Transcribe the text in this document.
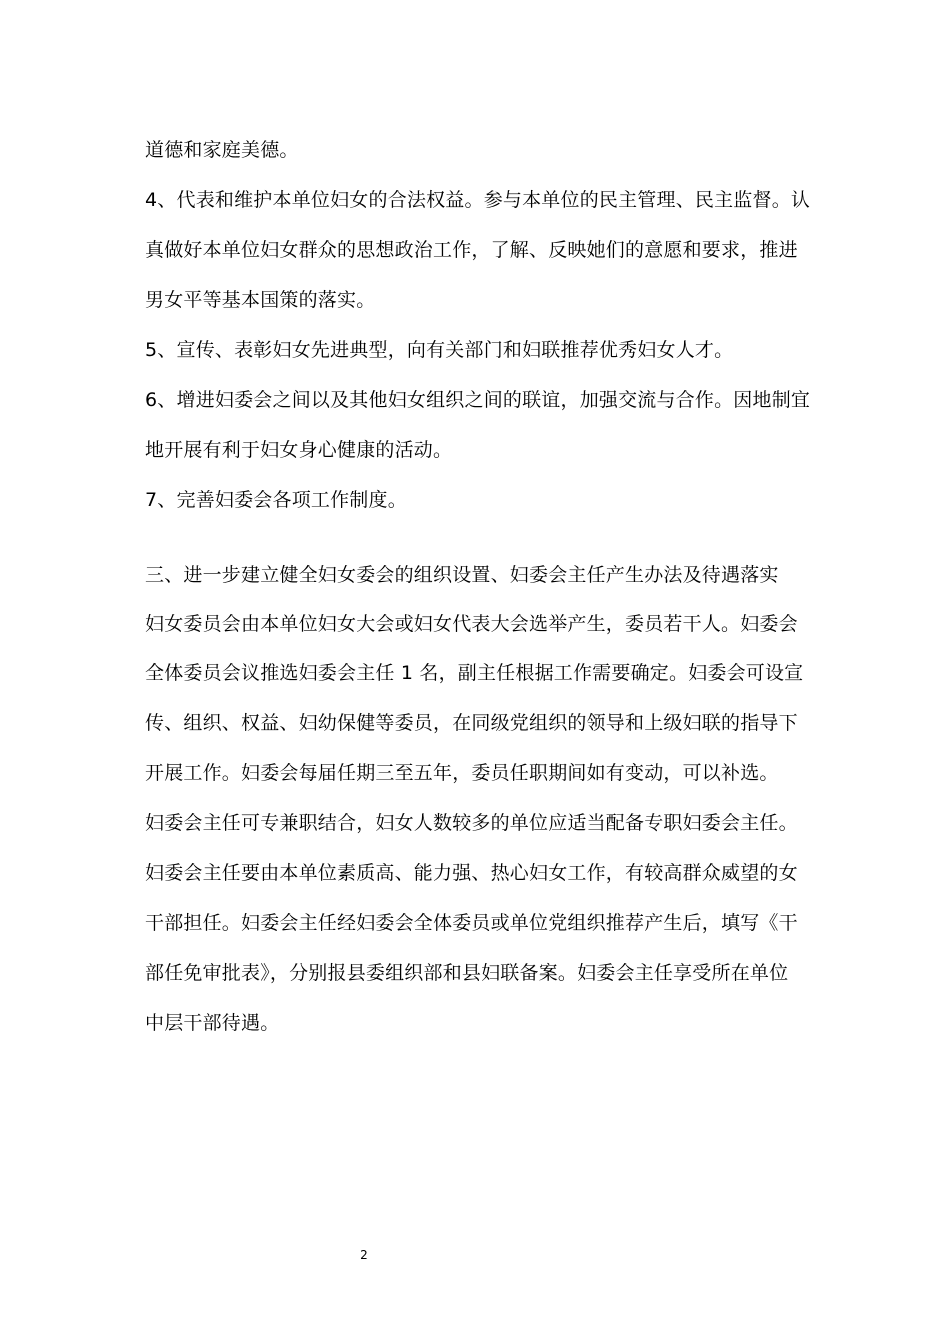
道德和家庭美德。
4、代表和维护本单位妇女的合法权益。参与本单位的民主管理、民主监督。认
真做好本单位妇女群众的思想政治工作，了解、反映她们的意愿和要求，推进
男女平等基本国策的落实。
5、宣传、表彰妇女先进典型，向有关部门和妇联推荐优秀妇女人才。
6、增进妇委会之间以及其他妇女组织之间的联谊，加强交流与合作。因地制宜
地开展有利于妇女身心健康的活动。
7、完善妇委会各项工作制度。
三、进一步建立健全妇女委会的组织设置、妇委会主任产生办法及待遇落实
妇女委员会由本单位妇女大会或妇女代表大会选举产生，委员若干人。妇委会
全体委员会议推选妇委会主任 1 名，副主任根据工作需要确定。妇委会可设宣
传、组织、权益、妇幼保健等委员，在同级党组织的领导和上级妇联的指导下
开展工作。妇委会每届任期三至五年，委员任职期间如有变动，可以补选。
妇委会主任可专兼职结合，妇女人数较多的单位应适当配备专职妇委会主任。
妇委会主任要由本单位素质高、能力强、热心妇女工作，有较高群众威望的女
干部担任。妇委会主任经妇委会全体委员或单位党组织推荐产生后，填写《干
部任免审批表》，分别报县委组织部和县妇联备案。妇委会主任享受所在单位
中层干部待遇。
2
